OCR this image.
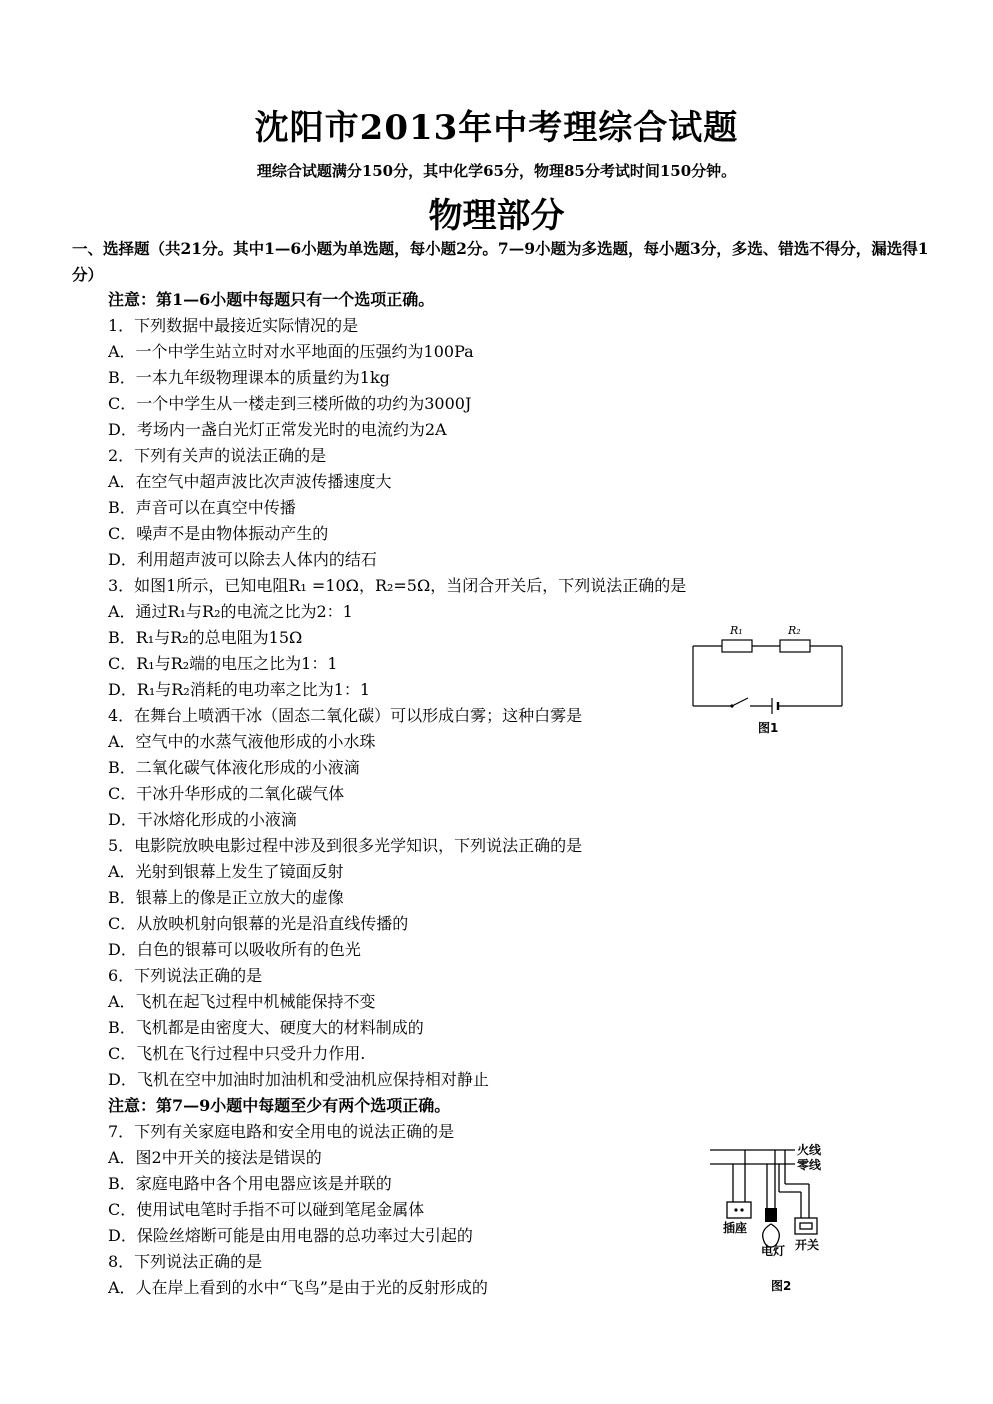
沈阳市2013年中考理综合试题
理综合试题满分150分，其中化学65分，物理85分考试时间150分钟。
物理部分
一、选择题（共21分。其中1—6小题为单选题，每小题2分。7—9小题为多选题，每小题3分，多选、错选不得分，漏选得1分）
注意：第1—6小题中每题只有一个选项正确。
1．下列数据中最接近实际情况的是
A．一个中学生站立时对水平地面的压强约为100Pa
B．一本九年级物理课本的质量约为1kg
C．一个中学生从一楼走到三楼所做的功约为3000J
D．考场内一盏白光灯正常发光时的电流约为2A
2．下列有关声的说法正确的是
A．在空气中超声波比次声波传播速度大
B．声音可以在真空中传播
C．噪声不是由物体振动产生的
D．利用超声波可以除去人体内的结石
3．如图1所示，已知电阻R₁ =10Ω，R₂=5Ω，当闭合开关后，下列说法正确的是
A．通过R₁与R₂的电流之比为2：1
B．R₁与R₂的总电阻为15Ω
C．R₁与R₂端的电压之比为1：1
D．R₁与R₂消耗的电功率之比为1：1
4．在舞台上喷洒干冰（固态二氧化碳）可以形成白雾；这种白雾是
A．空气中的水蒸气液他形成的小水珠
B．二氧化碳气体液化形成的小液滴
C．干冰升华形成的二氧化碳气体
D．干冰熔化形成的小液滴
5．电影院放映电影过程中涉及到很多光学知识，下列说法正确的是
A．光射到银幕上发生了镜面反射
B．银幕上的像是正立放大的虚像
C．从放映机射向银幕的光是沿直线传播的
D．白色的银幕可以吸收所有的色光
6．下列说法正确的是
A．飞机在起飞过程中机械能保持不变
B．飞机都是由密度大、硬度大的材料制成的
C．飞机在飞行过程中只受升力作用.
D．飞机在空中加油时加油机和受油机应保持相对静止
注意：第7—9小题中每题至少有两个选项正确。
7．下列有关家庭电路和安全用电的说法正确的是
A．图2中开关的接法是错误的
B．家庭电路中各个用电器应该是并联的
C．使用试电笔时手指不可以碰到笔尾金属体
D．保险丝熔断可能是由用电器的总功率过大引起的
8．下列说法正确的是
A．人在岸上看到的水中“飞鸟”是由于光的反射形成的
R₁	R₂
图1
火线
零线
插座
电灯 开关
图2
